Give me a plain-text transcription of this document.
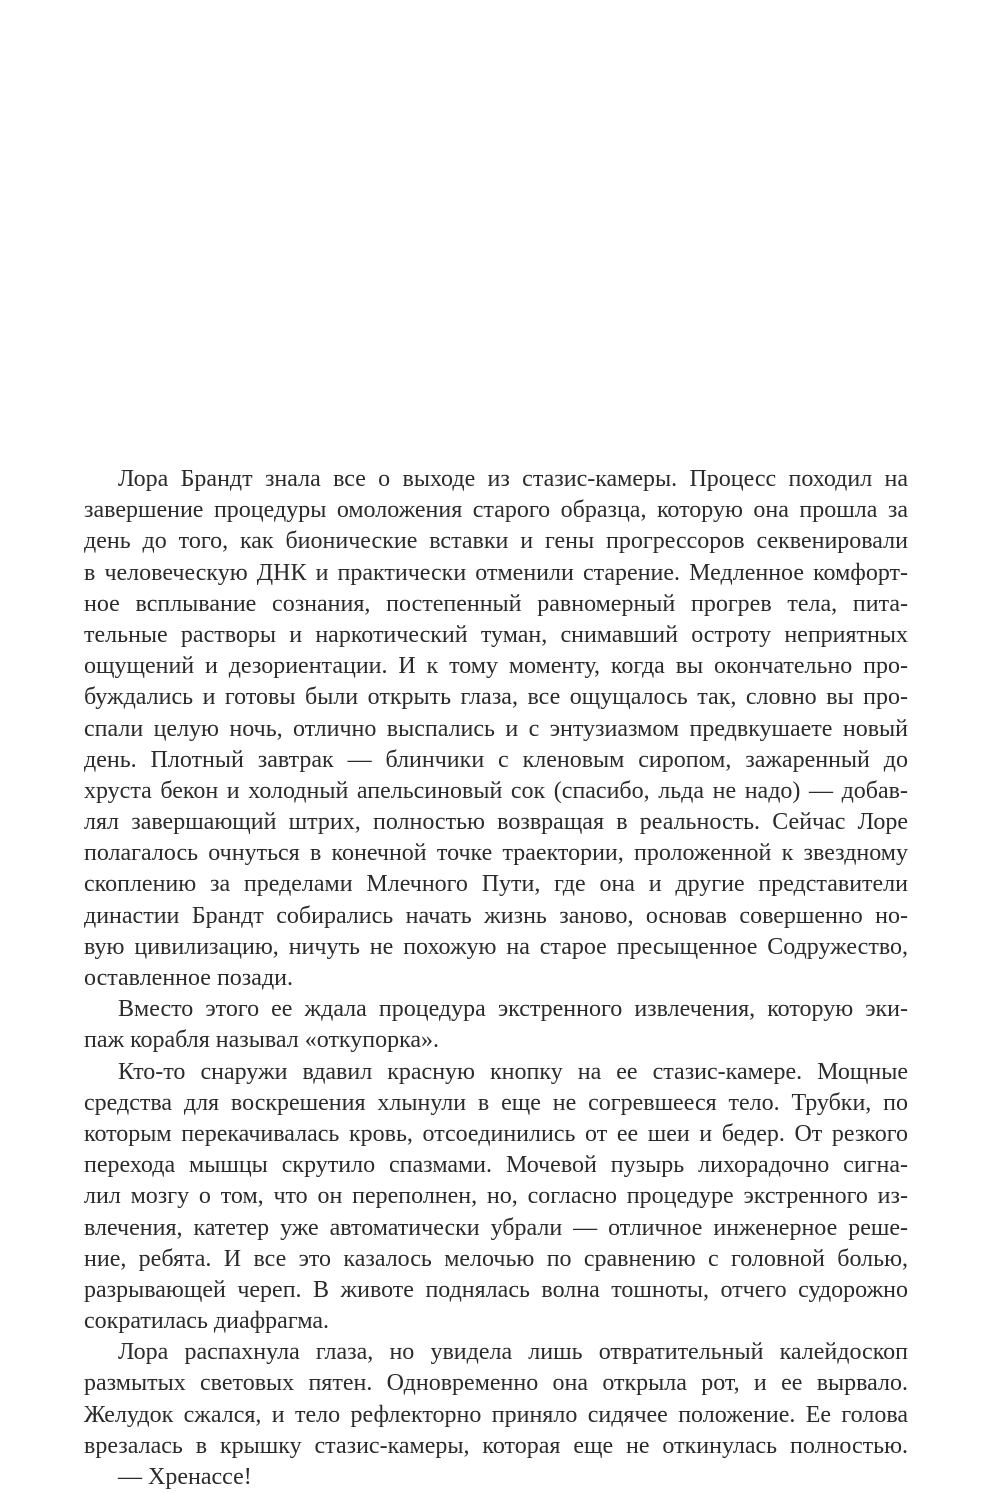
Лора Брандт знала все о выходе из стазис-камеры. Процесс походил на
завершение процедуры омоложения старого образца, которую она прошла за
день до того, как бионические вставки и гены прогрессоров секвенировали
в человеческую ДНК и практически отменили старение. Медленное комфорт-
ное всплывание сознания, постепенный равномерный прогрев тела, пита-
тельные растворы и наркотический туман, снимавший остроту неприятных
ощущений и дезориентации. И к тому моменту, когда вы окончательно про-
буждались и готовы были открыть глаза, все ощущалось так, словно вы про-
спали целую ночь, отлично выспались и с энтузиазмом предвкушаете новый
день. Плотный завтрак — блинчики с кленовым сиропом, зажаренный до
хруста бекон и холодный апельсиновый сок (спасибо, льда не надо) — добав-
лял завершающий штрих, полностью возвращая в реальность. Сейчас Лоре
полагалось очнуться в конечной точке траектории, проложенной к звездному
скоплению за пределами Млечного Пути, где она и другие представители
династии Брандт собирались начать жизнь заново, основав совершенно но-
вую цивилизацию, ничуть не похожую на старое пресыщенное Содружество,
оставленное позади.
Вместо этого ее ждала процедура экстренного извлечения, которую эки-
паж корабля называл «откупорка».
Кто-то снаружи вдавил красную кнопку на ее стазис-камере. Мощные
средства для воскрешения хлынули в еще не согревшееся тело. Трубки, по
которым перекачивалась кровь, отсоединились от ее шеи и бедер. От резкого
перехода мышцы скрутило спазмами. Мочевой пузырь лихорадочно сигна-
лил мозгу о том, что он переполнен, но, согласно процедуре экстренного из-
влечения, катетер уже автоматически убрали — отличное инженерное реше-
ние, ребята. И все это казалось мелочью по сравнению с головной болью,
разрывающей череп. В животе поднялась волна тошноты, отчего судорожно
сократилась диафрагма.
Лора распахнула глаза, но увидела лишь отвратительный калейдоскоп
размытых световых пятен. Одновременно она открыла рот, и ее вырвало.
Желудок сжался, и тело рефлекторно приняло сидячее положение. Ее голова
врезалась в крышку стазис-камеры, которая еще не откинулась полностью.
— Хренассе!
